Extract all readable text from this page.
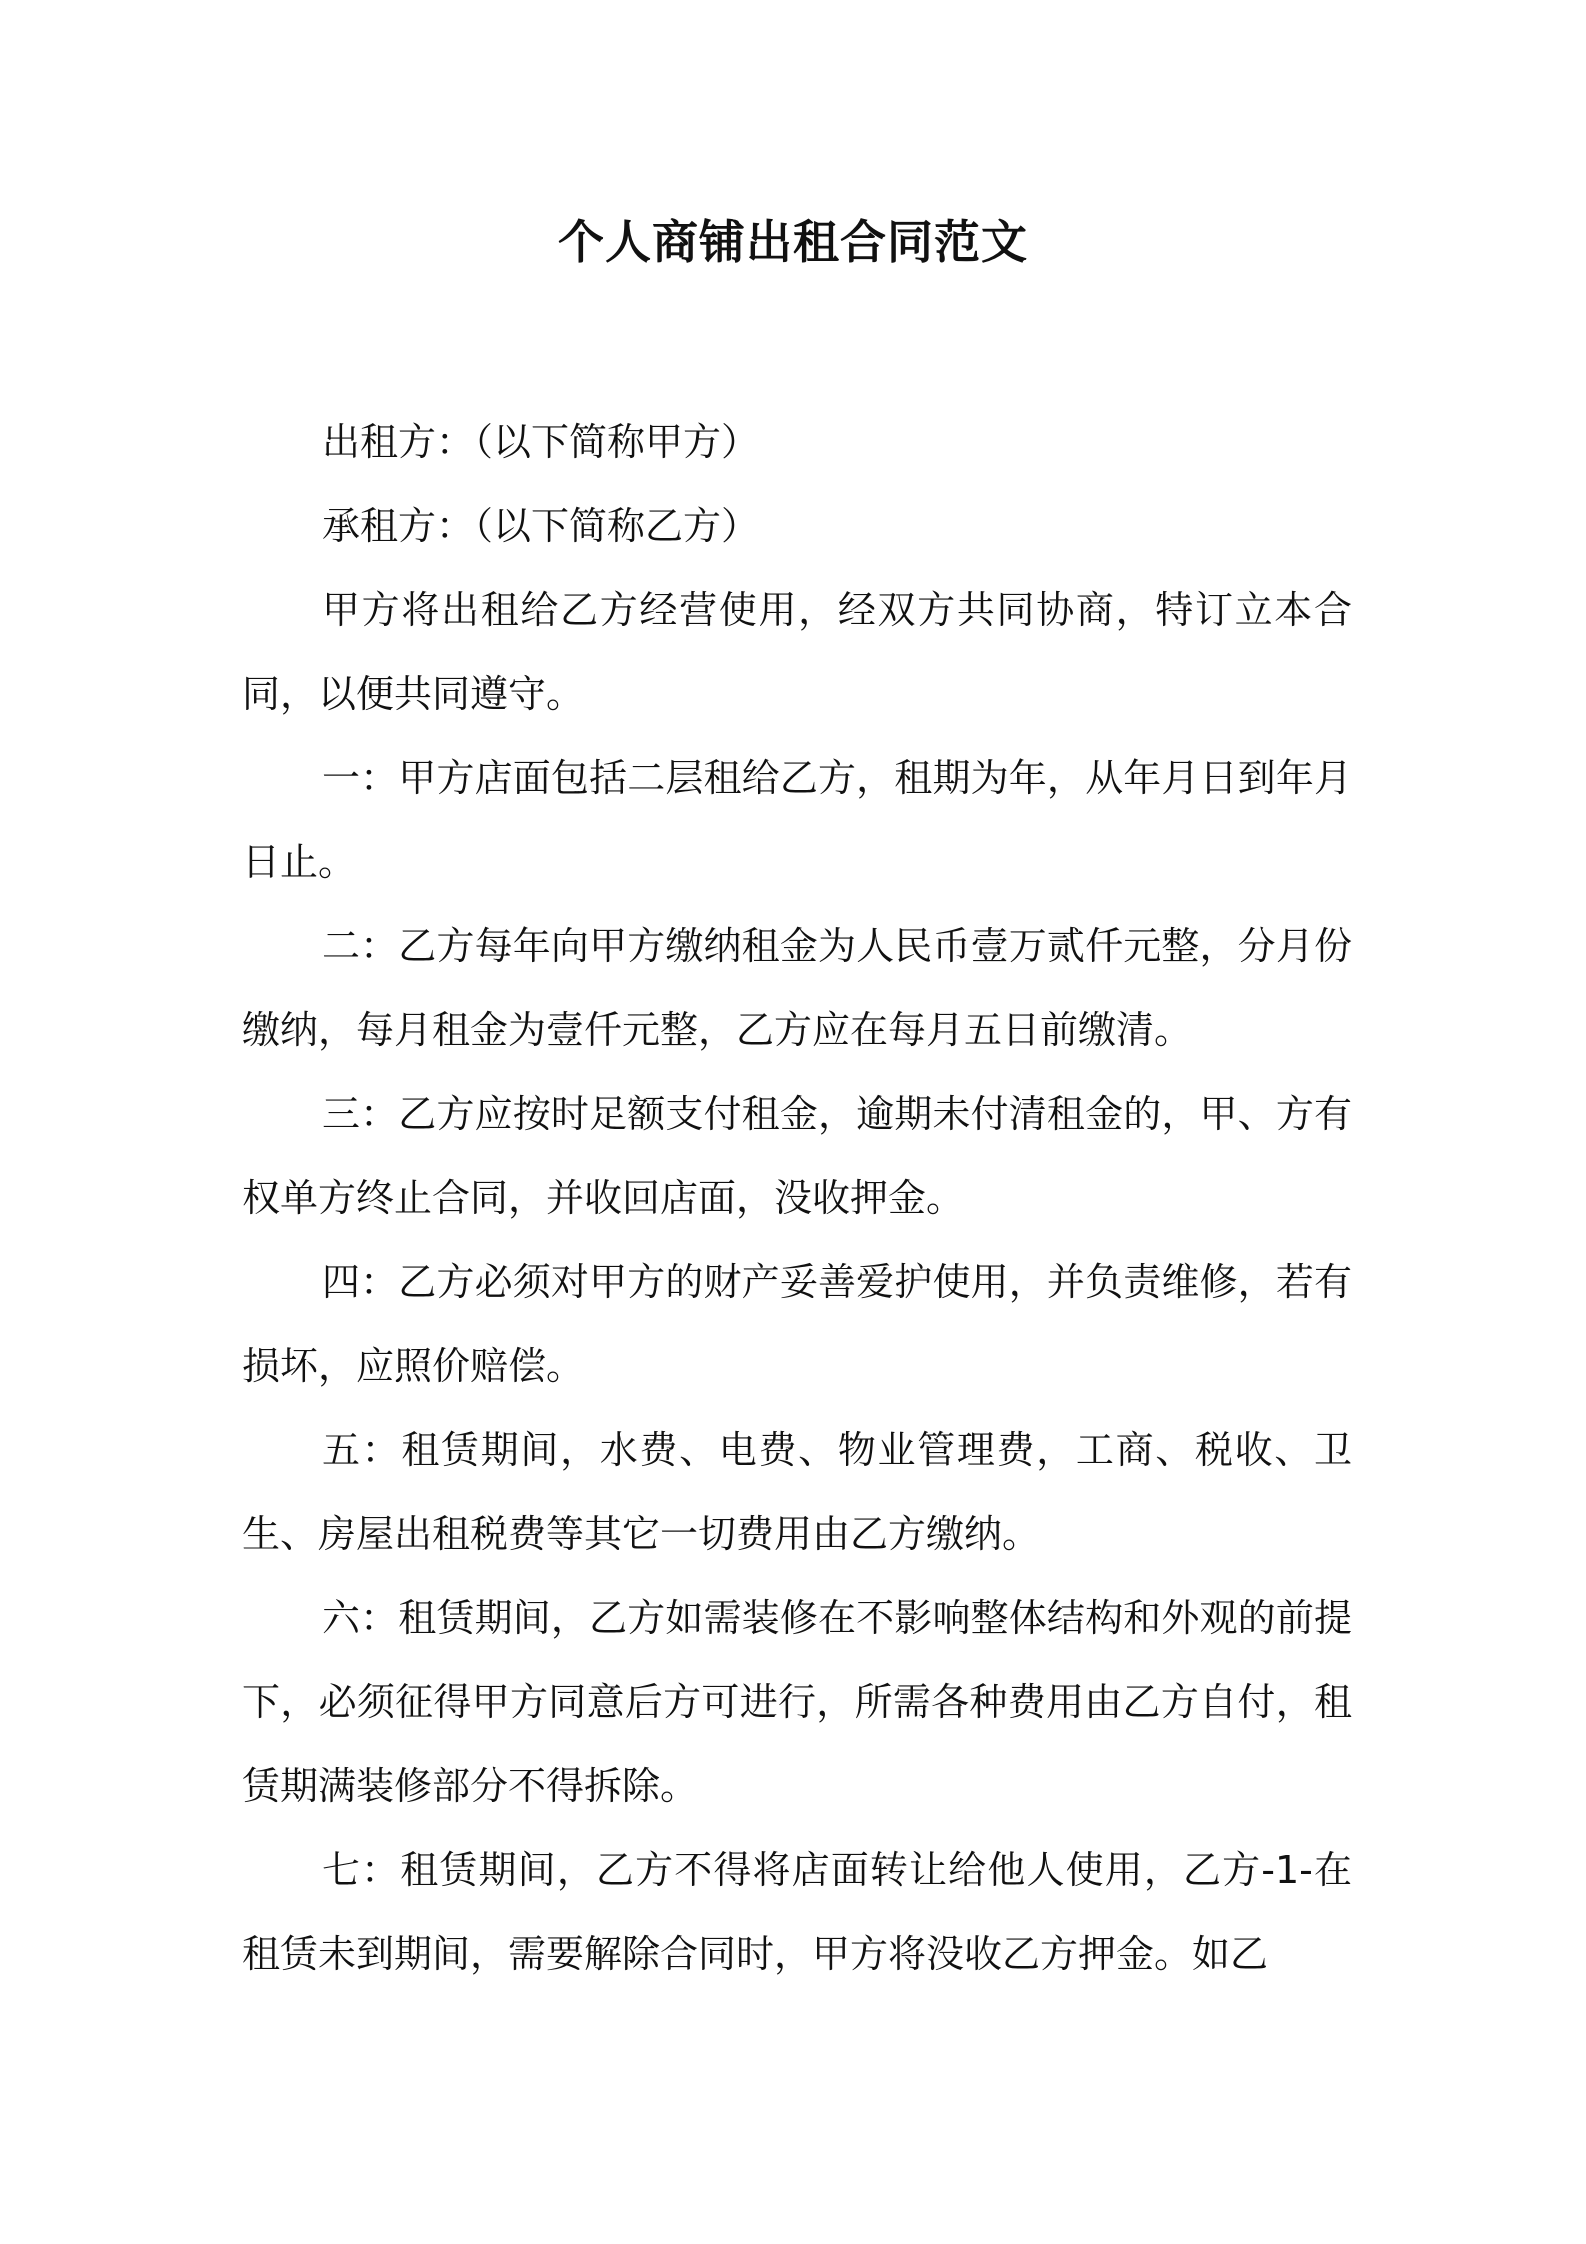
个人商铺出租合同范文

出租方：（以下简称甲方）

承租方：（以下简称乙方）

甲方将出租给乙方经营使用，经双方共同协商，特订立本合同，以便共同遵守。

一：甲方店面包括二层租给乙方，租期为年，从年月日到年月日止。

二：乙方每年向甲方缴纳租金为人民币壹万贰仟元整，分月份缴纳，每月租金为壹仟元整，乙方应在每月五日前缴清。

三：乙方应按时足额支付租金，逾期未付清租金的，甲、方有权单方终止合同，并收回店面，没收押金。

四：乙方必须对甲方的财产妥善爱护使用，并负责维修，若有损坏，应照价赔偿。

五：租赁期间，水费、电费、物业管理费，工商、税收、卫生、房屋出租税费等其它一切费用由乙方缴纳。

六：租赁期间，乙方如需装修在不影响整体结构和外观的前提下，必须征得甲方同意后方可进行，所需各种费用由乙方自付，租赁期满装修部分不得拆除。

七：租赁期间，乙方不得将店面转让给他人使用，乙方-1-在租赁未到期间，需要解除合同时，甲方将没收乙方押金。如乙
